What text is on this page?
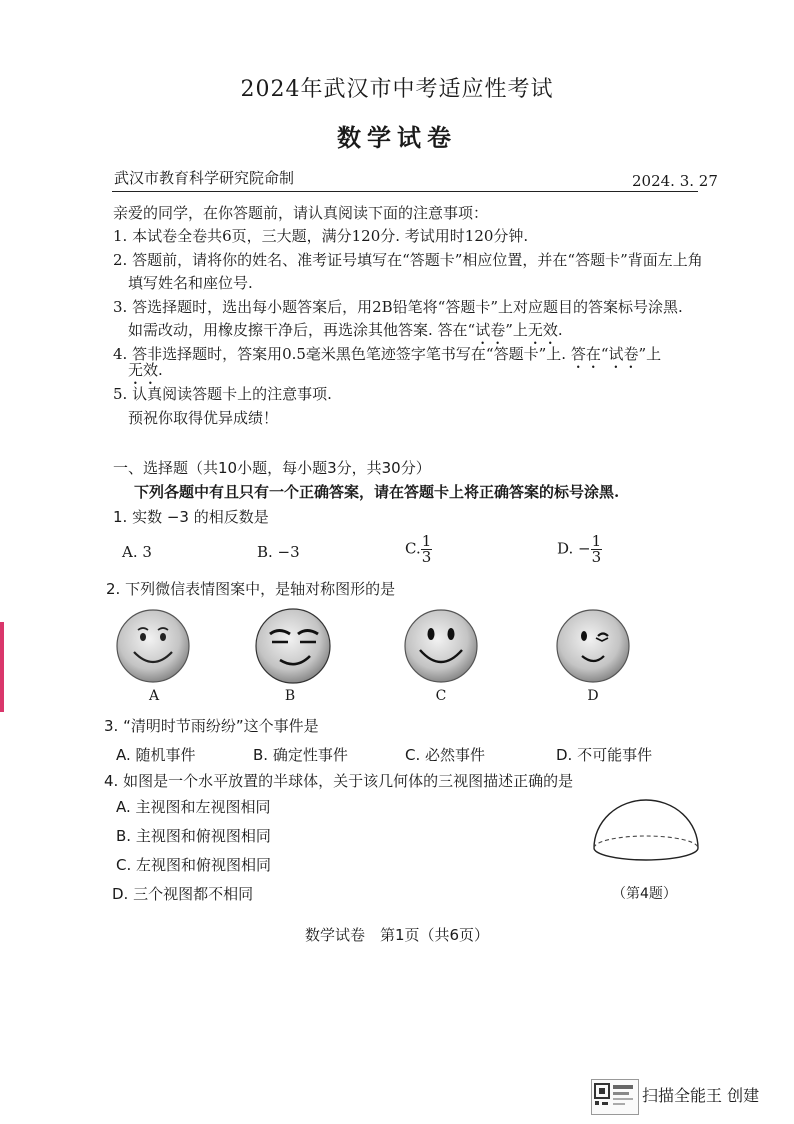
2024年武汉市中考适应性考试
数学试卷
武汉市教育科学研究院命制	2024. 3. 27
亲爱的同学，在你答题前，请认真阅读下面的注意事项：
1. 本试卷全卷共6页，三大题，满分120分. 考试用时120分钟.
2. 答题前，请将你的姓名、准考证号填写在“答题卡”相应位置，并在“答题卡”背面左上角
填写姓名和座位号.
3. 答选择题时，选出每小题答案后，用2B铅笔将“答题卡”上对应题目的答案标号涂黑.
如需改动，用橡皮擦干净后，再选涂其他答案. 答在“试卷”上无效.
4. 答非选择题时，答案用0.5毫米黑色笔迹签字笔书写在“答题卡”上. 答在“试卷”上
无效.
5. 认真阅读答题卡上的注意事项.
预祝你取得优异成绩！
一、选择题（共10小题，每小题3分，共30分）
下列各题中有且只有一个正确答案，请在答题卡上将正确答案的标号涂黑.
1. 实数 −3 的相反数是
A. 3	B. −3	C. $\frac{1}{3}$	D. − $\frac{1}{3}$
2. 下列微信表情图案中，是轴对称图形的是
A	B	C	D
3. “清明时节雨纷纷”这个事件是
A. 随机事件	B. 确定性事件	C. 必然事件	D. 不可能事件
4. 如图是一个水平放置的半球体，关于该几何体的三视图描述正确的是
A. 主视图和左视图相同
B. 主视图和俯视图相同
C. 左视图和俯视图相同
D. 三个视图都不相同	（第4题）
数学试卷　第1页（共6页）
扫描全能王 创建
